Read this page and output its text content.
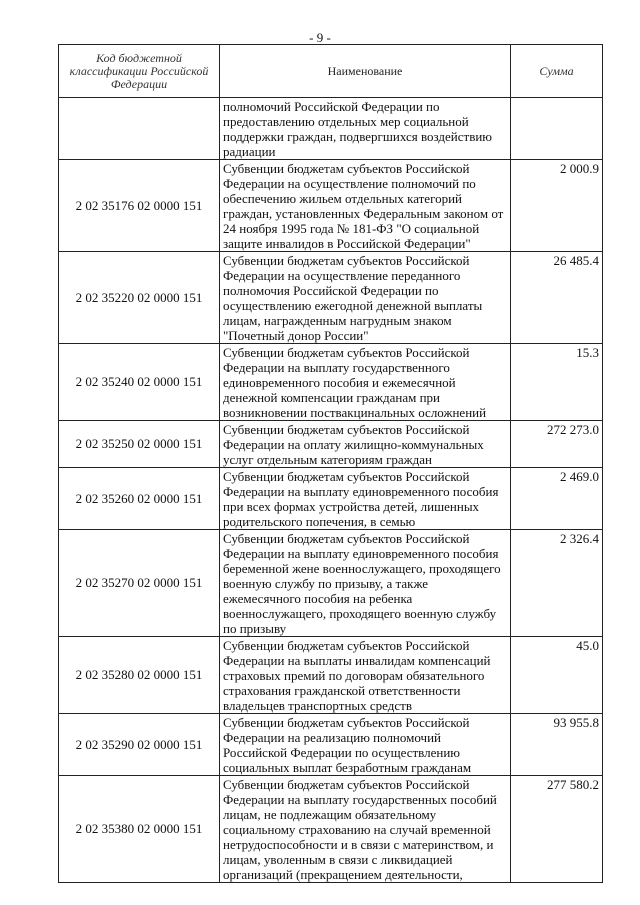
- 9 -
Код бюджетной классификации Российской Федерации	Наименование	Сумма
	полномочий Российской Федерации по предоставлению отдельных мер социальной поддержки граждан, подвергшихся воздействию радиации	
2 02 35176 02 0000 151	Субвенции бюджетам субъектов Российской Федерации на осуществление полномочий по обеспечению жильем отдельных категорий граждан, установленных Федеральным законом от 24 ноября 1995 года № 181-ФЗ "О социальной защите инвалидов в Российской Федерации"	2 000.9
2 02 35220 02 0000 151	Субвенции бюджетам субъектов Российской Федерации на осуществление переданного полномочия Российской Федерации по осуществлению ежегодной денежной выплаты лицам, награжденным нагрудным знаком "Почетный донор России"	26 485.4
2 02 35240 02 0000 151	Субвенции бюджетам субъектов Российской Федерации на выплату государственного единовременного пособия и ежемесячной денежной компенсации гражданам при возникновении поствакцинальных осложнений	15.3
2 02 35250 02 0000 151	Субвенции бюджетам субъектов Российской Федерации на оплату жилищно-коммунальных услуг отдельным категориям граждан	272 273.0
2 02 35260 02 0000 151	Субвенции бюджетам субъектов Российской Федерации на выплату единовременного пособия при всех формах устройства детей, лишенных родительского попечения, в семью	2 469.0
2 02 35270 02 0000 151	Субвенции бюджетам субъектов Российской Федерации на выплату единовременного пособия беременной жене военнослужащего, проходящего военную службу по призыву, а также ежемесячного пособия на ребенка военнослужащего, проходящего военную службу по призыву	2 326.4
2 02 35280 02 0000 151	Субвенции бюджетам субъектов Российской Федерации на выплаты инвалидам компенсаций страховых премий по договорам обязательного страхования гражданской ответственности владельцев транспортных средств	45.0
2 02 35290 02 0000 151	Субвенции бюджетам субъектов Российской Федерации на реализацию полномочий Российской Федерации по осуществлению социальных выплат безработным гражданам	93 955.8
2 02 35380 02 0000 151	Субвенции бюджетам субъектов Российской Федерации на выплату государственных пособий лицам, не подлежащим обязательному социальному страхованию на случай временной нетрудоспособности и в связи с материнством, и лицам, уволенным в связи с ликвидацией организаций (прекращением деятельности,	277 580.2
